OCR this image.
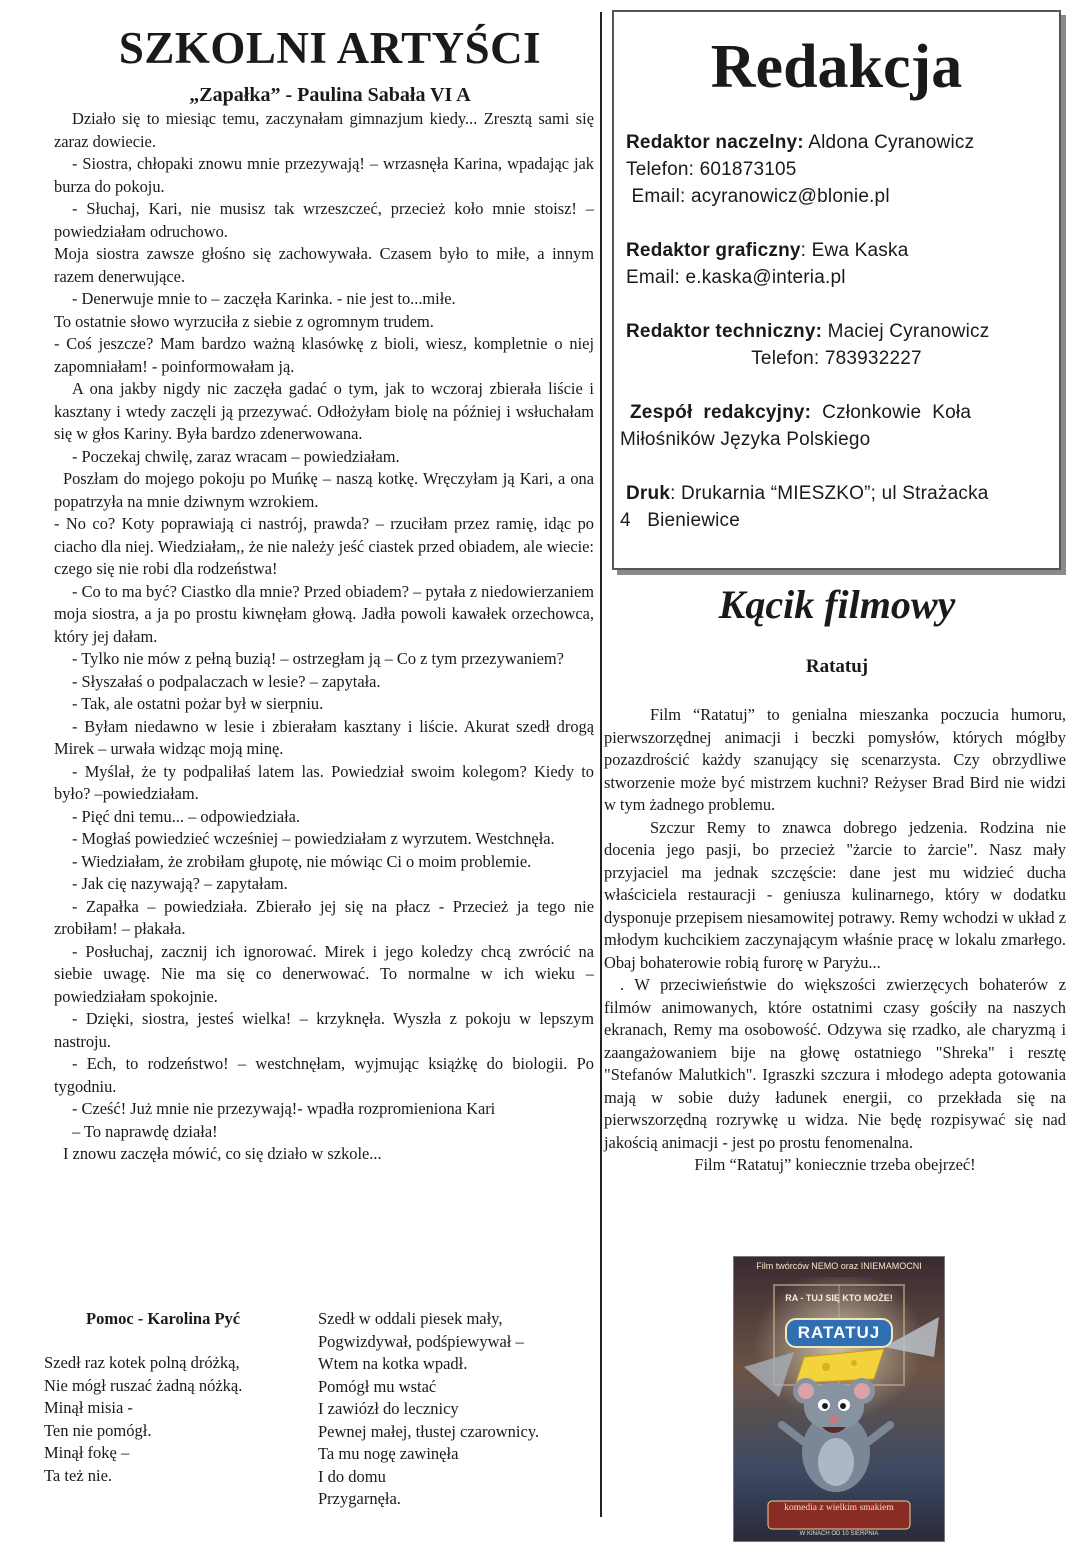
SZKOLNI ARTYŚCI
„Zapałka” - Paulina Sabała VI A

Działo się to miesiąc temu, zaczynałam gimnazjum kiedy... Zresztą sami się zaraz dowiecie.

- Siostra, chłopaki znowu mnie przezywają! – wrzasnęła Karina, wpadając jak burza do pokoju.

- Słuchaj, Kari, nie musisz tak wrzeszczeć, przecież koło mnie stoisz! – powiedziałam odruchowo.

Moja siostra zawsze głośno się zachowywała. Czasem było to miłe, a innym razem denerwujące.

- Denerwuje mnie to – zaczęła Karinka. - nie jest to...miłe.

To ostatnie słowo wyrzuciła z siebie z ogromnym trudem.

- Coś jeszcze? Mam bardzo ważną klasówkę z bioli, wiesz, kompletnie o niej zapomniałam! - poinformowałam ją.

A ona jakby nigdy nic zaczęła gadać o tym, jak to wczoraj zbierała liście i kasztany i wtedy zaczęli ją przezywać. Odłożyłam biolę na później i wsłuchałam się w głos Kariny. Była bardzo zdenerwowana.

- Poczekaj chwilę, zaraz wracam – powiedziałam.

Poszłam do mojego pokoju po Muńkę – naszą kotkę. Wręczyłam ją Kari, a ona popatrzyła na mnie dziwnym wzrokiem.

- No co? Koty poprawiają ci nastrój, prawda? – rzuciłam przez ramię, idąc po ciacho dla niej. Wiedziałam,, że nie należy jeść ciastek przed obiadem, ale wiecie: czego się nie robi dla rodzeństwa!

- Co to ma być? Ciastko dla mnie? Przed obiadem? – pytała z niedowierzaniem moja siostra, a ja po prostu kiwnęłam głową. Jadła powoli kawałek orzechowca, który jej dałam.

- Tylko nie mów z pełną buzią! – ostrzegłam ją – Co z tym przezywaniem?

- Słyszałaś o podpalaczach w lesie? – zapytała.

- Tak, ale ostatni pożar był w sierpniu.

- Byłam niedawno w lesie i zbierałam kasztany i liście. Akurat szedł drogą Mirek – urwała widząc moją minę.

- Myślał, że ty podpaliłaś latem las. Powiedział swoim kolegom? Kiedy to było? –powiedziałam.

- Pięć dni temu... – odpowiedziała.

- Mogłaś powiedzieć wcześniej – powiedziałam z wyrzutem. Westchnęła.

- Wiedziałam, że zrobiłam głupotę, nie mówiąc Ci o moim problemie.

- Jak cię nazywają? – zapytałam.

- Zapałka – powiedziała. Zbierało jej się na płacz - Przecież ja tego nie zrobiłam! – płakała.

- Posłuchaj, zacznij ich ignorować. Mirek i jego koledzy chcą zwrócić na siebie uwagę. Nie ma się co denerwować. To normalne w ich wieku – powiedziałam spokojnie.

- Dzięki, siostra, jesteś wielka! – krzyknęła. Wyszła z pokoju w lepszym nastroju.

- Ech, to rodzeństwo! – westchnęłam, wyjmując książkę do biologii. Po tygodniu.

- Cześć! Już mnie nie przezywają!- wpadła rozpromieniona Kari

– To naprawdę działa!

I znowu zaczęła mówić, co się działo w szkole...

Redakcja
Redaktor naczelny: Aldona Cyranowicz
Telefon: 601873105
Email: acyranowicz@blonie.pl
Redaktor graficzny: Ewa Kaska
Email: e.kaska@interia.pl
Redaktor techniczny: Maciej Cyranowicz
Telefon: 783932227
Zespół  redakcyjny:  Członkowie  Koła
Miłośników Języka Polskiego
Druk: Drukarnia “MIESZKO”; ul Strażacka
4   Bieniewice
Kącik filmowy
Ratatuj

Film “Ratatuj” to genialna mieszanka poczucia humoru, pierwszorzędnej animacji i beczki pomysłów, których mógłby pozazdrościć każdy szanujący się scenarzysta. Czy obrzydliwe stworzenie może być mistrzem kuchni? Reżyser Brad Bird nie widzi w tym żadnego problemu.

Szczur Remy to znawca dobrego jedzenia. Rodzina nie docenia jego pasji, bo przecież "żarcie to żarcie". Nasz mały przyjaciel ma jednak szczęście: dane jest mu widzieć ducha właściciela restauracji - geniusza kulinarnego, który w dodatku dysponuje przepisem niesamowitej potrawy. Remy wchodzi w układ z młodym kuchcikiem zaczynającym właśnie pracę w lokalu zmarłego. Obaj bohaterowie robią furorę w Paryżu...

. W przeciwieństwie do większości zwierzęcych bohaterów z filmów animowanych, które ostatnimi czasy gościły na naszych ekranach, Remy ma osobowość. Odzywa się rzadko, ale charyzmą i zaangażowaniem bije na głowę ostatniego "Shreka" i resztę "Stefanów Malutkich". Igraszki szczura i młodego adepta gotowania mają w sobie duży ładunek energii, co przekłada się na pierwszorzędną rozrywkę u widza. Nie będę rozpisywać się nad jakością animacji - jest po prostu fenomenalna.

Film “Ratatuj” koniecznie trzeba obejrzeć!

Film twórców NEMO oraz INIEMAMOCNI
RA - TUJ SIĘ KTO MOŻE!
RATATUJ
komedia z wielkim smakiem
W KINACH OD 10 SIERPNIA
Pomoc - Karolina Pyć
Szedł raz kotek polną dróżką,
Nie mógł ruszać żadną nóżką.
Minął misia -
Ten nie pomógł.
Minął fokę –
Ta też nie.
Szedł w oddali piesek mały,
Pogwizdywał, podśpiewywał –
Wtem na kotka wpadł.
Pomógł mu wstać
I zawiózł do lecznicy
Pewnej małej, tłustej czarownicy.
Ta mu nogę zawinęła
I do domu
Przygarnęła.
